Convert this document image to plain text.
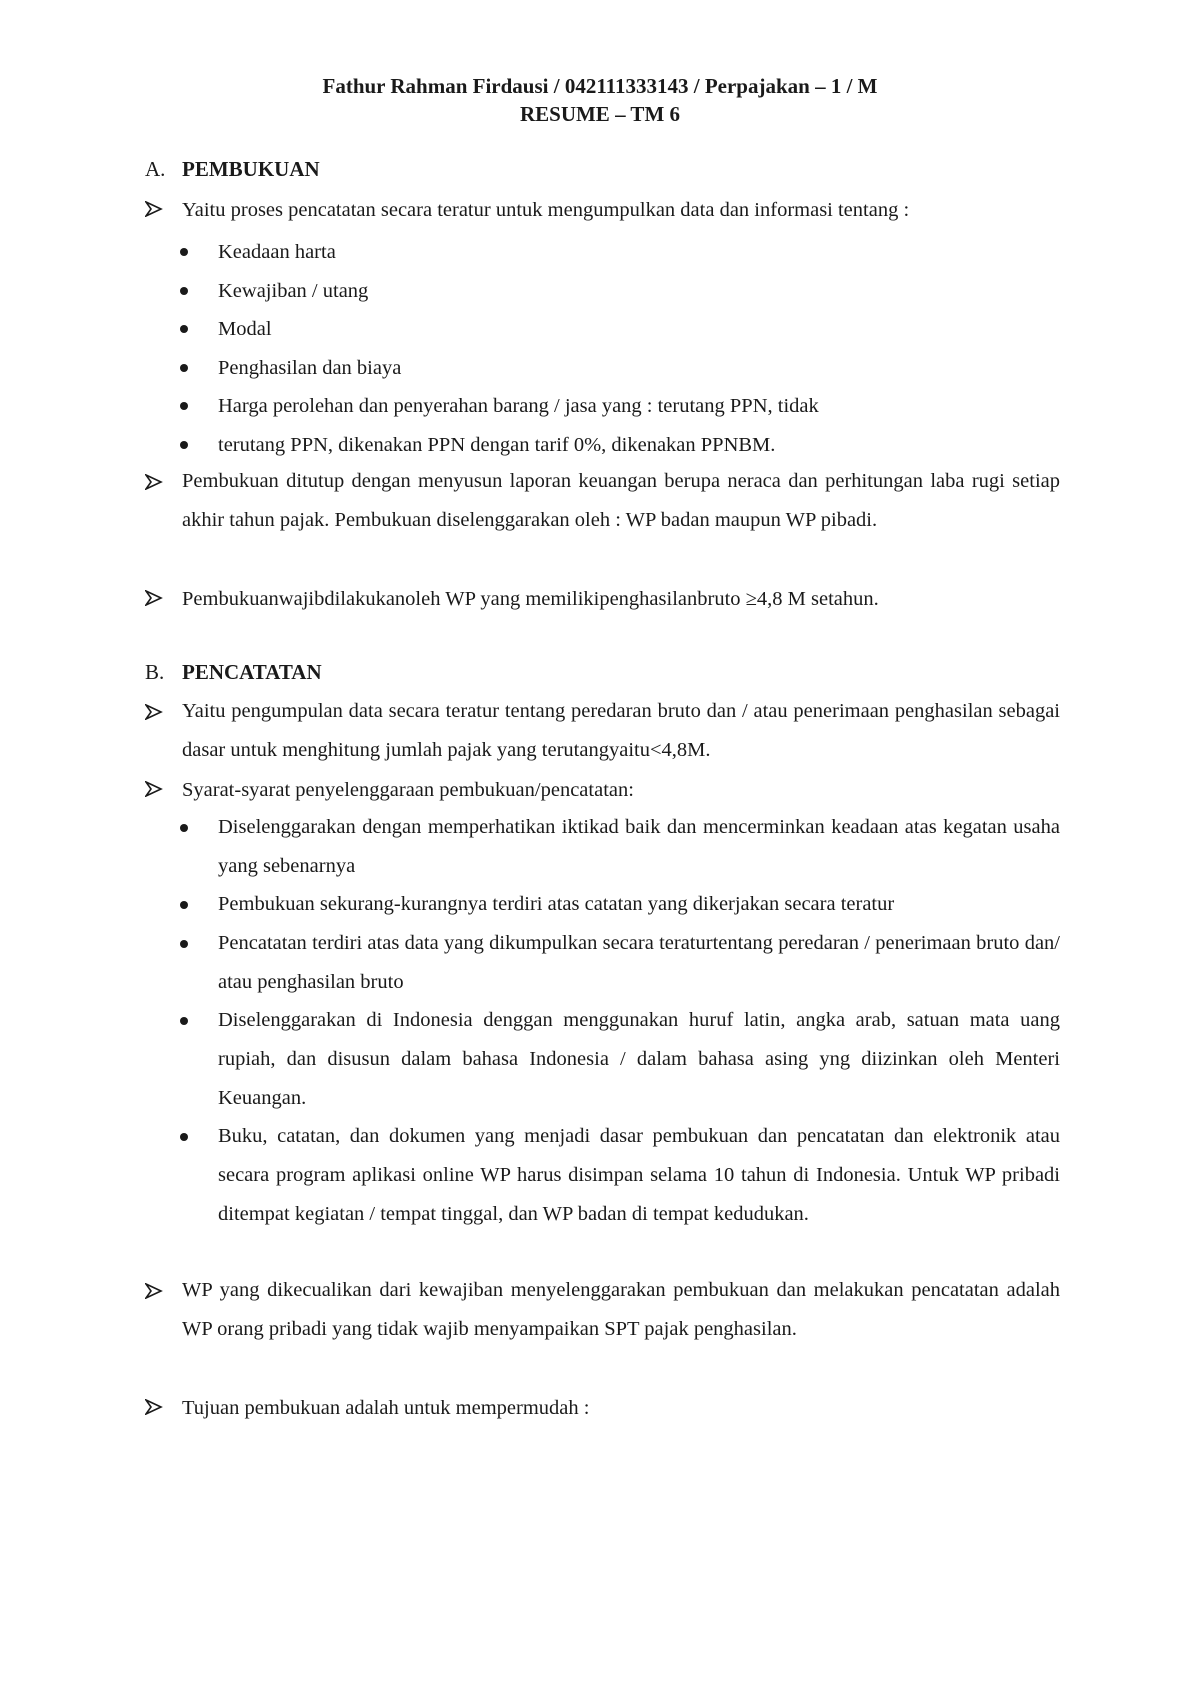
Fathur Rahman Firdausi / 042111333143 / Perpajakan – 1 / M
RESUME – TM 6
A. PEMBUKUAN
Yaitu proses pencatatan secara teratur untuk mengumpulkan data dan informasi tentang :
Keadaan harta
Kewajiban / utang
Modal
Penghasilan dan biaya
Harga perolehan dan penyerahan barang / jasa yang : terutang PPN, tidak
terutang PPN, dikenakan PPN dengan tarif 0%, dikenakan PPNBM.
Pembukuan ditutup dengan menyusun laporan keuangan berupa neraca dan perhitungan laba rugi setiap akhir tahun pajak. Pembukuan diselenggarakan oleh : WP badan maupun WP pibadi.
Pembukuanwajibdilakukanoleh WP yang memilikipenghasilanbruto ≥4,8 M setahun.
B. PENCATATAN
Yaitu pengumpulan data secara teratur tentang peredaran bruto dan / atau penerimaan penghasilan sebagai dasar untuk menghitung jumlah pajak yang terutangyaitu<4,8M.
Syarat-syarat penyelenggaraan pembukuan/pencatatan:
Diselenggarakan dengan memperhatikan iktikad baik dan mencerminkan keadaan atas kegatan usaha yang sebenarnya
Pembukuan sekurang-kurangnya terdiri atas catatan yang dikerjakan secara teratur
Pencatatan terdiri atas data yang dikumpulkan secara teraturtentang peredaran / penerimaan bruto dan/ atau penghasilan bruto
Diselenggarakan di Indonesia denggan menggunakan huruf latin, angka arab, satuan mata uang rupiah, dan disusun dalam bahasa Indonesia / dalam bahasa asing yng diizinkan oleh Menteri Keuangan.
Buku, catatan, dan dokumen yang menjadi dasar pembukuan dan pencatatan dan elektronik atau secara program aplikasi online WP harus disimpan selama 10 tahun di Indonesia. Untuk WP pribadi ditempat kegiatan / tempat tinggal, dan WP badan di tempat kedudukan.
WP yang dikecualikan dari kewajiban menyelenggarakan pembukuan dan melakukan pencatatan adalah WP orang pribadi yang tidak wajib menyampaikan SPT pajak penghasilan.
Tujuan pembukuan adalah untuk mempermudah :
